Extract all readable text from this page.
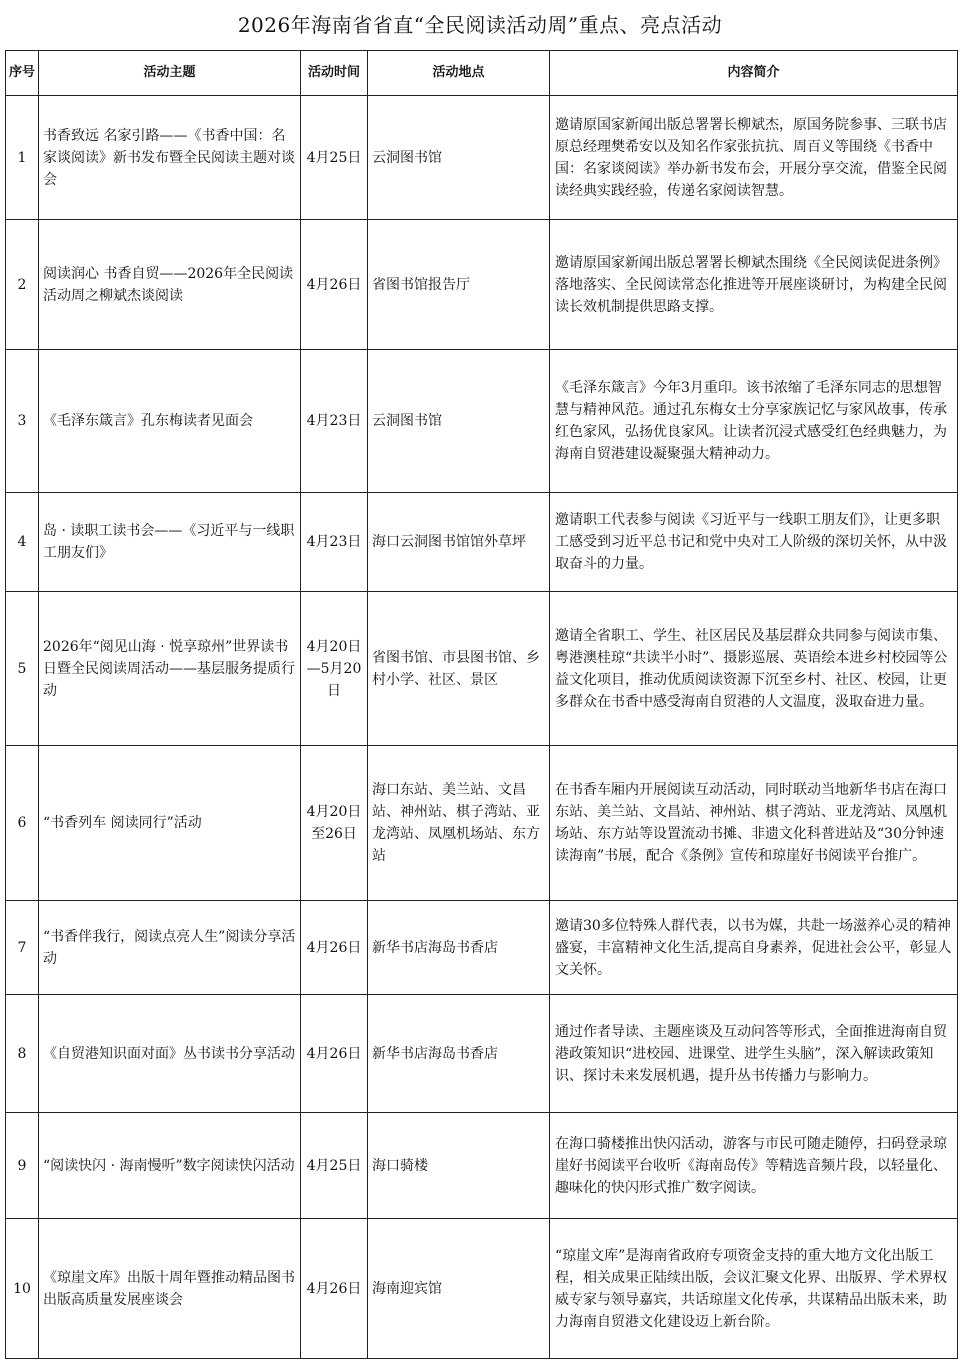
2026年海南省省直“全民阅读活动周”重点、亮点活动
序号	活动主题	活动时间	活动地点	内容简介
1	书香致远 名家引路——《书香中国：名家谈阅读》新书发布暨全民阅读主题对谈会	4月25日	云洞图书馆	邀请原国家新闻出版总署署长柳斌杰，原国务院参事、三联书店原总经理樊希安以及知名作家张抗抗、周百义等围绕《书香中国：名家谈阅读》举办新书发布会，开展分享交流，借鉴全民阅读经典实践经验，传递名家阅读智慧。
2	阅读润心 书香自贸——2026年全民阅读活动周之柳斌杰谈阅读	4月26日	省图书馆报告厅	邀请原国家新闻出版总署署长柳斌杰围绕《全民阅读促进条例》落地落实、全民阅读常态化推进等开展座谈研讨，为构建全民阅读长效机制提供思路支撑。
3	《毛泽东箴言》孔东梅读者见面会	4月23日	云洞图书馆	《毛泽东箴言》今年3月重印。该书浓缩了毛泽东同志的思想智慧与精神风范。通过孔东梅女士分享家族记忆与家风故事，传承红色家风，弘扬优良家风。让读者沉浸式感受红色经典魅力，为海南自贸港建设凝聚强大精神动力。
4	岛 · 读职工读书会——《习近平与一线职工朋友们》	4月23日	海口云洞图书馆馆外草坪	邀请职工代表参与阅读《习近平与一线职工朋友们》，让更多职工感受到习近平总书记和党中央对工人阶级的深切关怀，从中汲取奋斗的力量。
5	2026年“阅见山海 · 悦享琼州”世界读书日暨全民阅读周活动——基层服务提质行动	4月20日—5月20日	省图书馆、市县图书馆、乡村小学、社区、景区	邀请全省职工、学生、社区居民及基层群众共同参与阅读市集、粤港澳桂琼“共读半小时”、摄影巡展、英语绘本进乡村校园等公益文化项目，推动优质阅读资源下沉至乡村、社区、校园，让更多群众在书香中感受海南自贸港的人文温度，汲取奋进力量。
6	“书香列车 阅读同行”活动	4月20日至26日	海口东站、美兰站、文昌站、神州站、棋子湾站、亚龙湾站、凤凰机场站、东方站	在书香车厢内开展阅读互动活动，同时联动当地新华书店在海口东站、美兰站、文昌站、神州站、棋子湾站、亚龙湾站、凤凰机场站、东方站等设置流动书摊、非遗文化科普进站及“30分钟速读海南”书展，配合《条例》宣传和琼崖好书阅读平台推广。
7	“书香伴我行，阅读点亮人生”阅读分享活动	4月26日	新华书店海岛书香店	邀请30多位特殊人群代表，以书为媒，共赴一场滋养心灵的精神盛宴，丰富精神文化生活,提高自身素养，促进社会公平，彰显人文关怀。
8	《自贸港知识面对面》丛书读书分享活动	4月26日	新华书店海岛书香店	通过作者导读、主题座谈及互动问答等形式，全面推进海南自贸港政策知识“进校园、进课堂、进学生头脑”，深入解读政策知识、探讨未来发展机遇，提升丛书传播力与影响力。
9	“阅读快闪 · 海南慢听”数字阅读快闪活动	4月25日	海口骑楼	在海口骑楼推出快闪活动，游客与市民可随走随停，扫码登录琼崖好书阅读平台收听《海南岛传》等精选音频片段，以轻量化、趣味化的快闪形式推广数字阅读。
10	《琼崖文库》出版十周年暨推动精品图书出版高质量发展座谈会	4月26日	海南迎宾馆	“琼崖文库”是海南省政府专项资金支持的重大地方文化出版工程，相关成果正陆续出版，会议汇聚文化界、出版界、学术界权威专家与领导嘉宾，共话琼崖文化传承，共谋精品出版未来，助力海南自贸港文化建设迈上新台阶。
